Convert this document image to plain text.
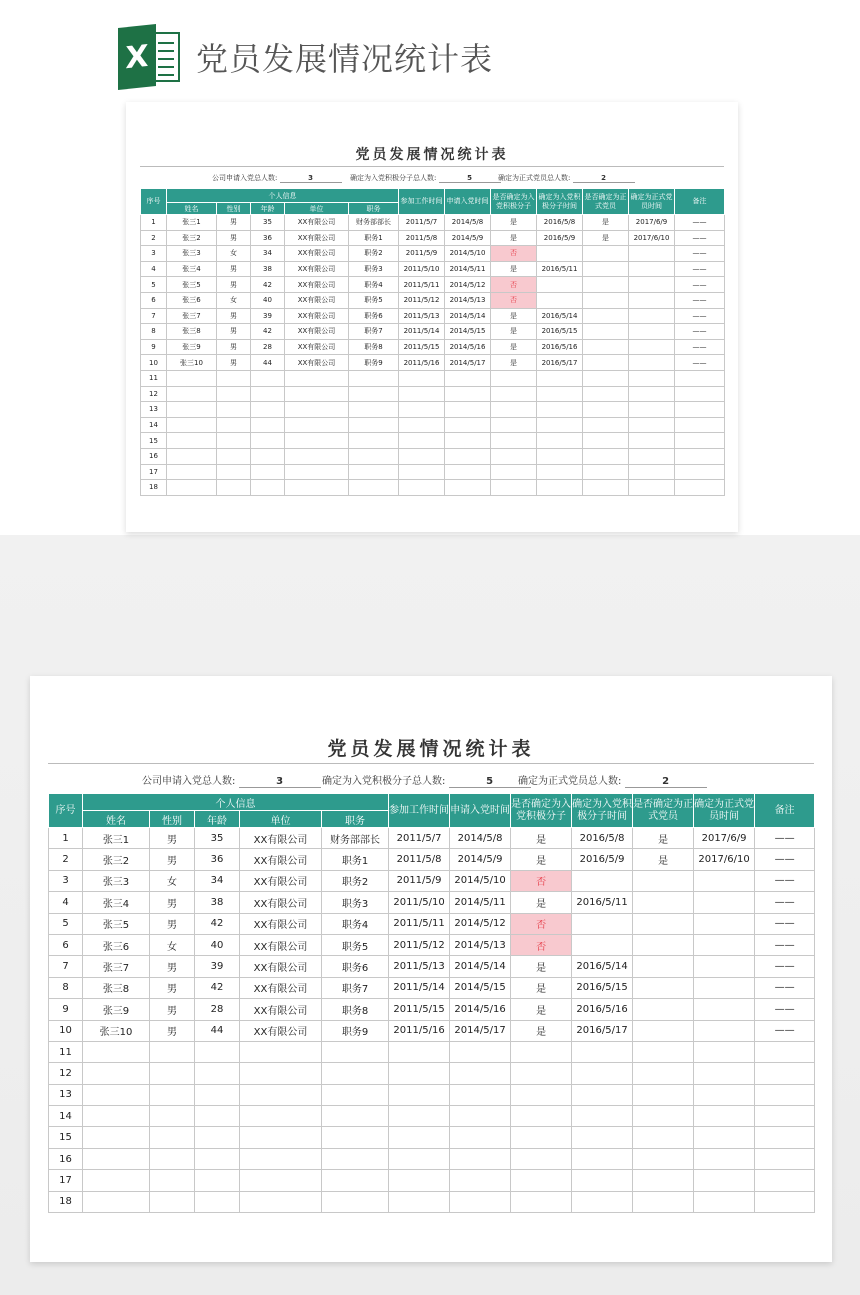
X 党员发展情况统计表
党员发展情况统计表
公司申请入党总人数:	3	确定为入党积极分子总人数:	5	确定为正式党员总人数:	2
序号	个人信息					参加工作时间	申请入党时间	是否确定为入党积极分子	确定为入党积极分子时间	是否确定为正式党员	确定为正式党员时间	备注
	姓名	性别	年龄	单位	职务							
1	张三1	男	35	XX有限公司	财务部部长	2011/5/7	2014/5/8	是	2016/5/8	是	2017/6/9	——
2	张三2	男	36	XX有限公司	职务1	2011/5/8	2014/5/9	是	2016/5/9	是	2017/6/10	——
3	张三3	女	34	XX有限公司	职务2	2011/5/9	2014/5/10	否				——
4	张三4	男	38	XX有限公司	职务3	2011/5/10	2014/5/11	是	2016/5/11			——
5	张三5	男	42	XX有限公司	职务4	2011/5/11	2014/5/12	否				——
6	张三6	女	40	XX有限公司	职务5	2011/5/12	2014/5/13	否				——
7	张三7	男	39	XX有限公司	职务6	2011/5/13	2014/5/14	是	2016/5/14			——
8	张三8	男	42	XX有限公司	职务7	2011/5/14	2014/5/15	是	2016/5/15			——
9	张三9	男	28	XX有限公司	职务8	2011/5/15	2014/5/16	是	2016/5/16			——
10	张三10	男	44	XX有限公司	职务9	2011/5/16	2014/5/17	是	2016/5/17			——
11												
12												
13												
14												
15												
16												
17												
18												
党员发展情况统计表
公司申请入党总人数:	3	确定为入党积极分子总人数:	5	确定为正式党员总人数:	2
序号	个人信息					参加工作时间	申请入党时间	是否确定为入党积极分子	确定为入党积极分子时间	是否确定为正式党员	确定为正式党员时间	备注
	姓名	性别	年龄	单位	职务							
1	张三1	男	35	XX有限公司	财务部部长	2011/5/7	2014/5/8	是	2016/5/8	是	2017/6/9	——
2	张三2	男	36	XX有限公司	职务1	2011/5/8	2014/5/9	是	2016/5/9	是	2017/6/10	——
3	张三3	女	34	XX有限公司	职务2	2011/5/9	2014/5/10	否				——
4	张三4	男	38	XX有限公司	职务3	2011/5/10	2014/5/11	是	2016/5/11			——
5	张三5	男	42	XX有限公司	职务4	2011/5/11	2014/5/12	否				——
6	张三6	女	40	XX有限公司	职务5	2011/5/12	2014/5/13	否				——
7	张三7	男	39	XX有限公司	职务6	2011/5/13	2014/5/14	是	2016/5/14			——
8	张三8	男	42	XX有限公司	职务7	2011/5/14	2014/5/15	是	2016/5/15			——
9	张三9	男	28	XX有限公司	职务8	2011/5/15	2014/5/16	是	2016/5/16			——
10	张三10	男	44	XX有限公司	职务9	2011/5/16	2014/5/17	是	2016/5/17			——
11												
12												
13												
14												
15												
16												
17												
18												
